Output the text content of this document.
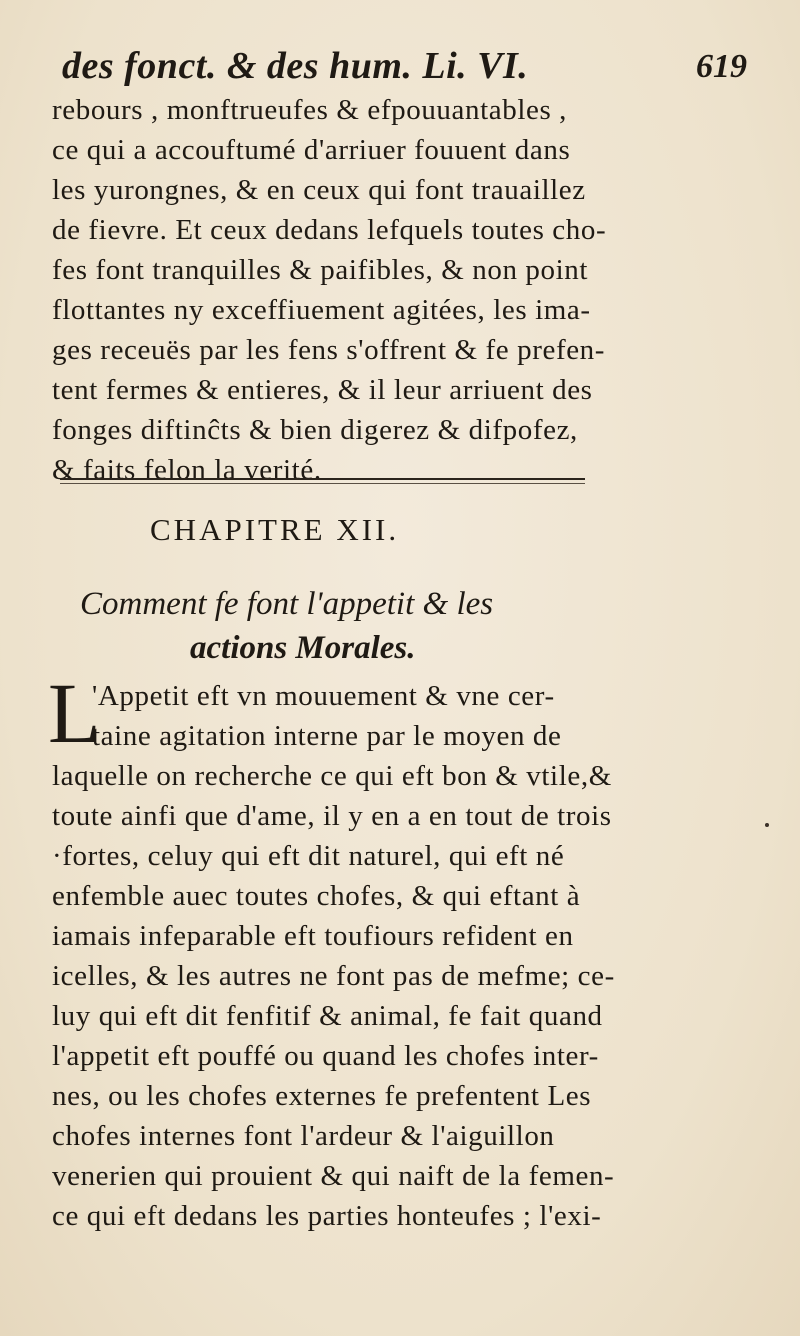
des fonct. & des hum. Li. VI.	619
rebours , monftrueufes & efpouuantables ,
ce qui a accouftumé d'arriuer fouuent dans
les yurongnes, & en ceux qui font trauaillez
de fievre. Et ceux dedans lefquels toutes cho-
fes font tranquilles & paifibles, & non point
flottantes ny exceffiuement agitées, les ima-
ges receuës par les fens s'offrent & fe prefen-
tent fermes & entieres, & il leur arriuent des
fonges diftinĉts & bien digerez & difpofez,
& faits felon la verité.
CHAPITRE XII.
Comment fe font l'appetit & les
actions Morales.
L
'Appetit eft vn mouuement & vne cer-
taine agitation interne par le moyen de
laquelle on recherche ce qui eft bon & vtile,&
toute ainfi que d'ame, il y en a en tout de trois
·fortes, celuy qui eft dit naturel, qui eft né
enfemble auec toutes chofes, & qui eftant à
iamais infeparable eft toufiours refident en
icelles, & les autres ne font pas de mefme; ce-
luy qui eft dit fenfitif & animal, fe fait quand
l'appetit eft pouffé ou quand les chofes inter-
nes, ou les chofes externes fe prefentent Les
chofes internes font l'ardeur & l'aiguillon
venerien qui prouient & qui naift de la femen-
ce qui eft dedans les parties honteufes ; l'exi-
